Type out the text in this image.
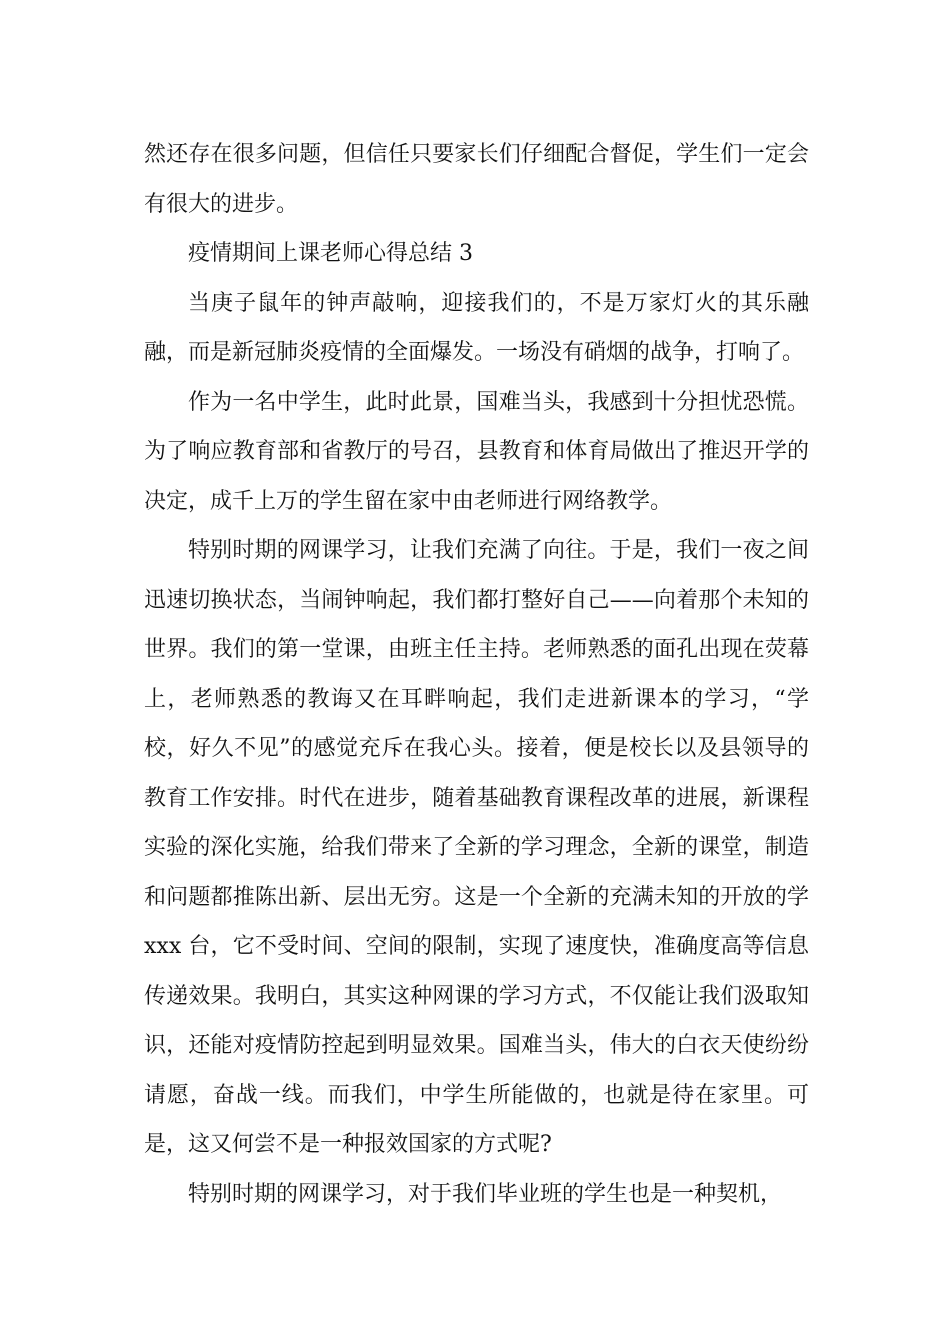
然还存在很多问题，但信任只要家长们仔细配合督促，学生们一定会有很大的进步。

疫情期间上课老师心得总结 3

当庚子鼠年的钟声敲响，迎接我们的，不是万家灯火的其乐融融，而是新冠肺炎疫情的全面爆发。一场没有硝烟的战争，打响了。

作为一名中学生，此时此景，国难当头，我感到十分担忧恐慌。为了响应教育部和省教厅的号召，县教育和体育局做出了推迟开学的决定，成千上万的学生留在家中由老师进行网络教学。

特别时期的网课学习，让我们充满了向往。于是，我们一夜之间迅速切换状态，当闹钟响起，我们都打整好自己——向着那个未知的世界。我们的第一堂课，由班主任主持。老师熟悉的面孔出现在荧幕上，老师熟悉的教诲又在耳畔响起，我们走进新课本的学习，“学校，好久不见”的感觉充斥在我心头。接着，便是校长以及县领导的教育工作安排。时代在进步，随着基础教育课程改革的进展，新课程实验的深化实施，给我们带来了全新的学习理念，全新的课堂，制造和问题都推陈出新、层出无穷。这是一个全新的充满未知的开放的学 xxx 台，它不受时间、空间的限制，实现了速度快，准确度高等信息传递效果。我明白，其实这种网课的学习方式，不仅能让我们汲取知识，还能对疫情防控起到明显效果。国难当头，伟大的白衣天使纷纷请愿，奋战一线。而我们，中学生所能做的，也就是待在家里。可是，这又何尝不是一种报效国家的方式呢?

特别时期的网课学习，对于我们毕业班的学生也是一种契机，
